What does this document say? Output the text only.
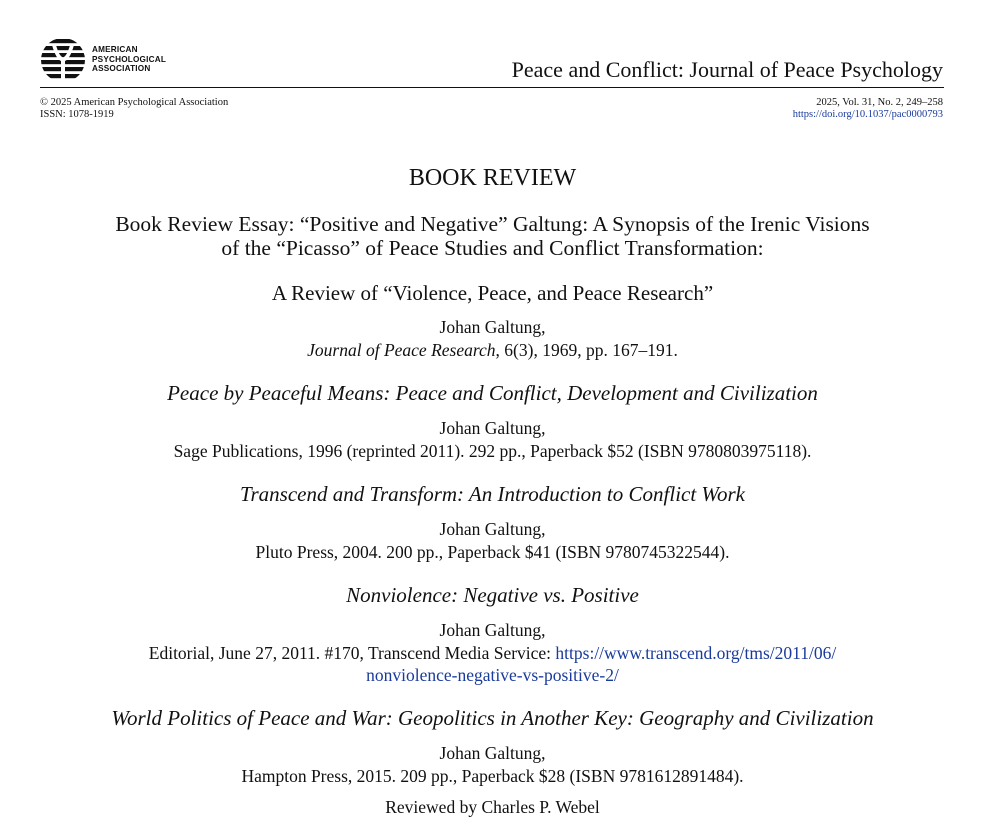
AMERICAN
PSYCHOLOGICAL
ASSOCIATION	Peace and Conflict: Journal of Peace Psychology
© 2025 American Psychological Association
ISSN: 1078-1919
2025, Vol. 31, No. 2, 249–258
https://doi.org/10.1037/pac0000793
BOOK REVIEW
Book Review Essay: “Positive and Negative” Galtung: A Synopsis of the Irenic Visions
of the “Picasso” of Peace Studies and Conflict Transformation:
A Review of “Violence, Peace, and Peace Research”
Johan Galtung,
Journal of Peace Research, 6(3), 1969, pp. 167–191.
Peace by Peaceful Means: Peace and Conflict, Development and Civilization
Johan Galtung,
Sage Publications, 1996 (reprinted 2011). 292 pp., Paperback $52 (ISBN 9780803975118).
Transcend and Transform: An Introduction to Conflict Work
Johan Galtung,
Pluto Press, 2004. 200 pp., Paperback $41 (ISBN 9780745322544).
Nonviolence: Negative vs. Positive
Johan Galtung,
Editorial, June 27, 2011. #170, Transcend Media Service: https://www.transcend.org/tms/2011/06/
nonviolence-negative-vs-positive-2/
World Politics of Peace and War: Geopolitics in Another Key: Geography and Civilization
Johan Galtung,
Hampton Press, 2015. 209 pp., Paperback $28 (ISBN 9781612891484).
Reviewed by Charles P. Webel
